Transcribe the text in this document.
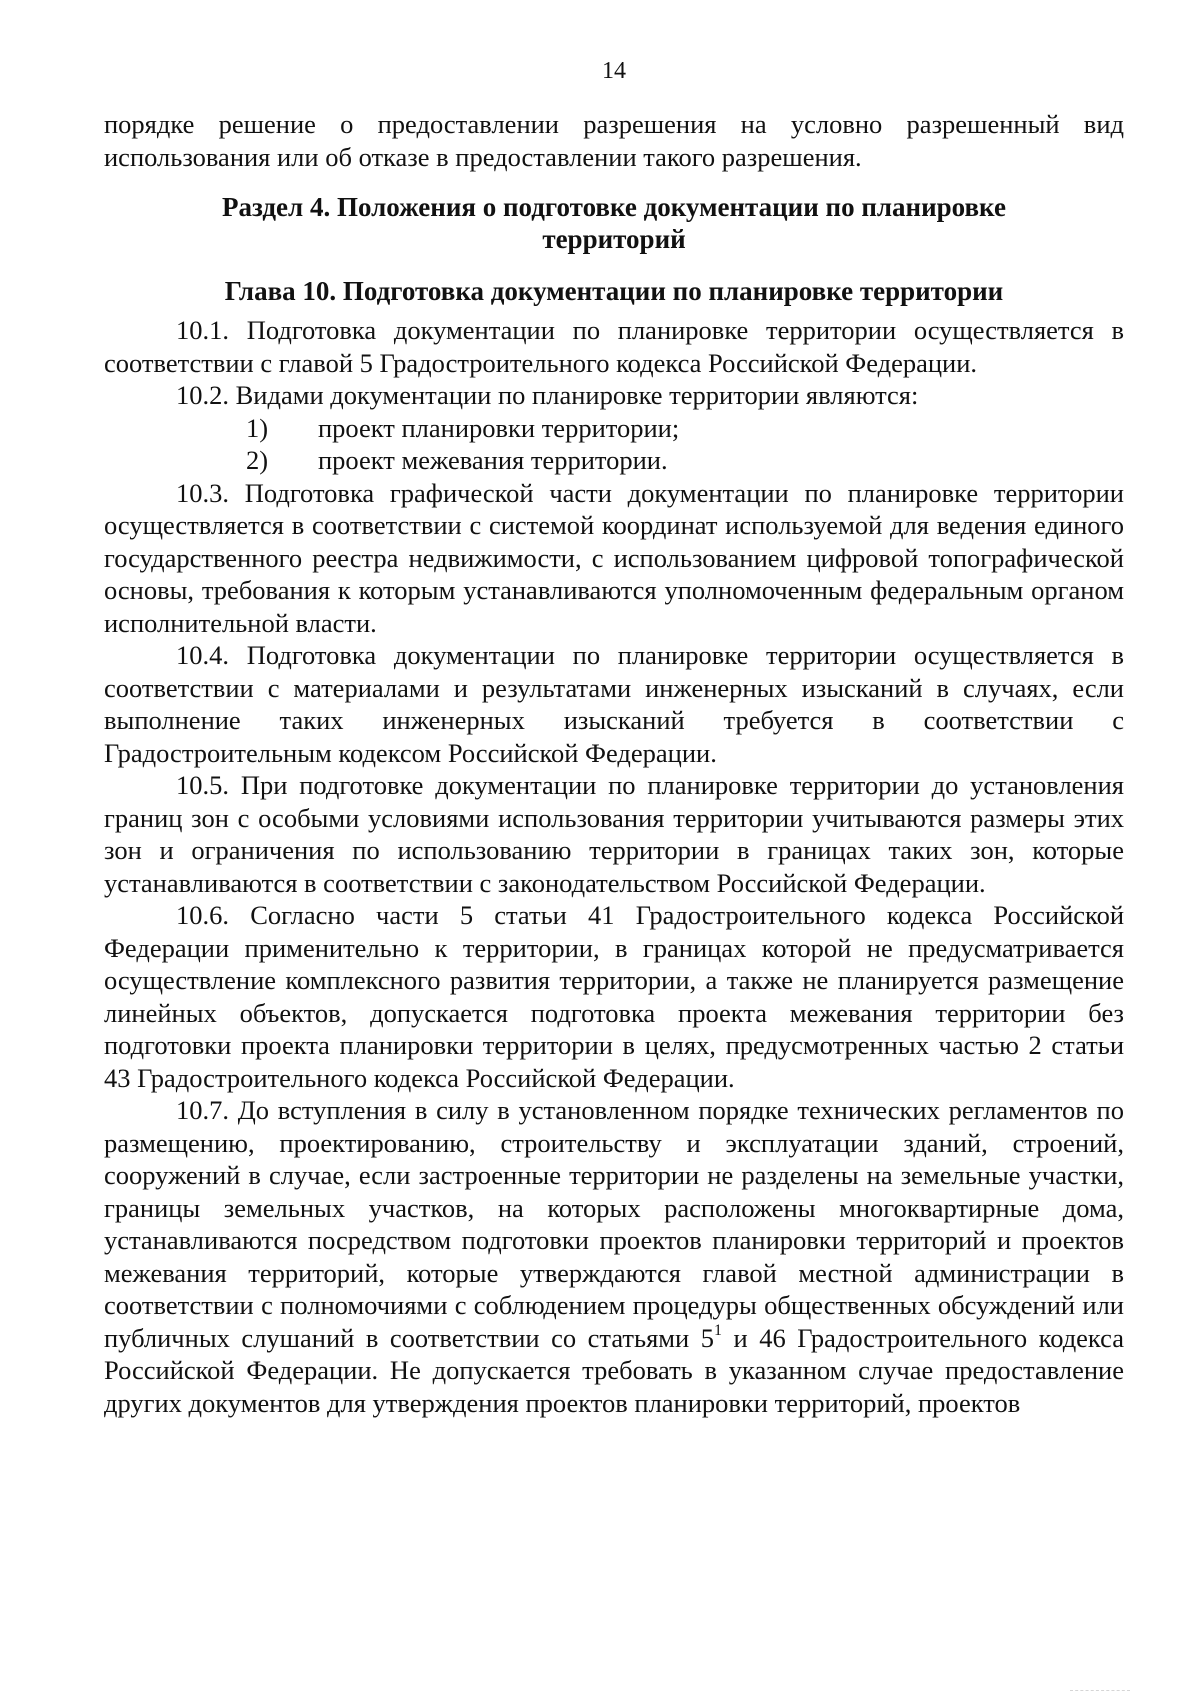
14

порядке решение о предоставлении разрешения на условно разрешенный вид использования или об отказе в предоставлении такого разрешения.

Раздел 4. Положения о подготовке документации по планировке
территорий
Глава 10. Подготовка документации по планировке территории

10.1. Подготовка документации по планировке территории осуществляется в соответствии с главой 5 Градостроительного кодекса Российской Федерации.

10.2. Видами документации по планировке территории являются:

1) проект планировки территории;

2) проект межевания территории.

10.3. Подготовка графической части документации по планировке территории осуществляется в соответствии с системой координат используемой для ведения единого государственного реестра недвижимости, с использованием цифровой топографической основы, требования к которым устанавливаются уполномоченным федеральным органом исполнительной власти.

10.4. Подготовка документации по планировке территории осуществляется в соответствии с материалами и результатами инженерных изысканий в случаях, если выполнение таких инженерных изысканий требуется в соответствии с Градостроительным кодексом Российской Федерации.

10.5. При подготовке документации по планировке территории до установления границ зон с особыми условиями использования территории учитываются размеры этих зон и ограничения по использованию территории в границах таких зон, которые устанавливаются в соответствии с законодательством Российской Федерации.

10.6. Согласно части 5 статьи 41 Градостроительного кодекса Российской Федерации применительно к территории, в границах которой не предусматривается осуществление комплексного развития территории, а также не планируется размещение линейных объектов, допускается подготовка проекта межевания территории без подготовки проекта планировки территории в целях, предусмотренных частью 2 статьи 43 Градостроительного кодекса Российской Федерации.

10.7. До вступления в силу в установленном порядке технических регламентов по размещению, проектированию, строительству и эксплуатации зданий, строений, сооружений в случае, если застроенные территории не разделены на земельные участки, границы земельных участков, на которых расположены многоквартирные дома, устанавливаются посредством подготовки проектов планировки территорий и проектов межевания территорий, которые утверждаются главой местной администрации в соответствии с полномочиями с соблюдением процедуры общественных обсуждений или публичных слушаний в соответствии со статьями $5^1$ и 46 Градостроительного кодекса Российской Федерации. Не допускается требовать в указанном случае предоставление других документов для утверждения проектов планировки территорий, проектов
